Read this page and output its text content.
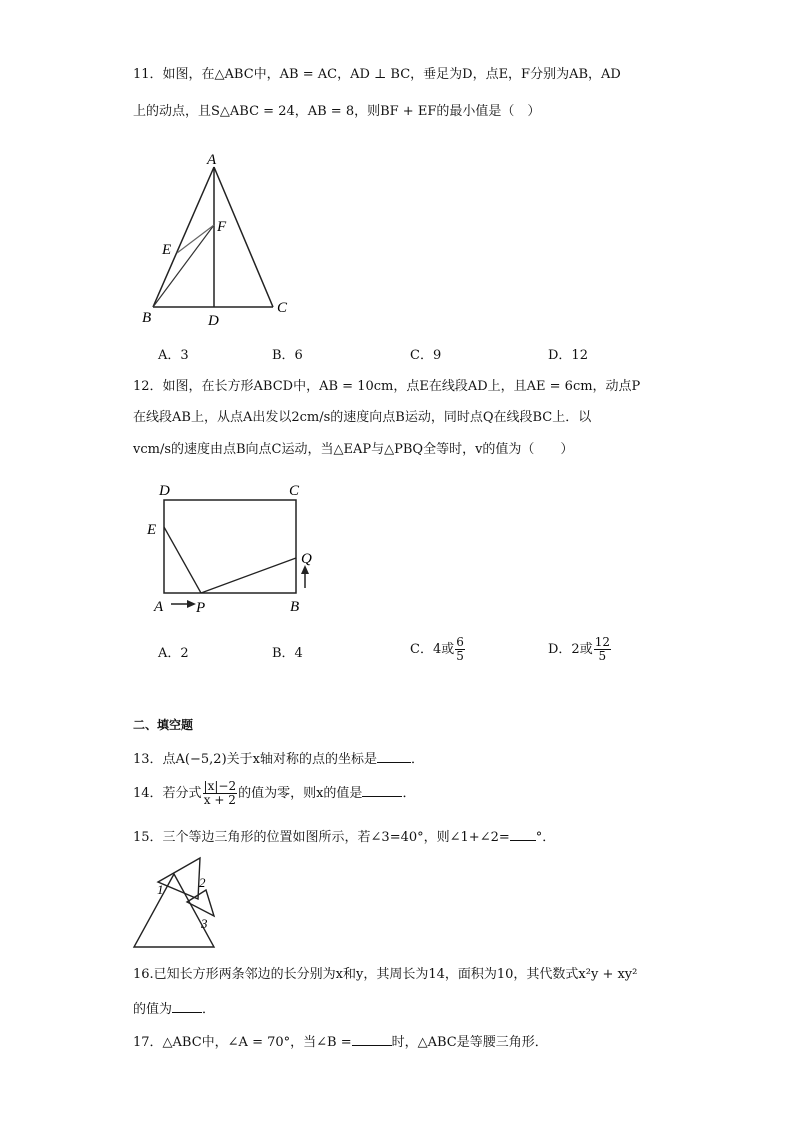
11．如图，在△ABC中，AB = AC，AD ⊥ BC，垂足为D，点E，F分别为AB，AD
上的动点，且S△ABC = 24，AB = 8，则BF + EF的最小值是（　）
A
E
F
B	D
C
A．3	B．6	C．9	D．12
12．如图，在长方形ABCD中，AB = 10cm，点E在线段AD上，且AE = 6cm，动点P
在线段AB上，从点A出发以2cm/s的速度向点B运动，同时点Q在线段BC上．以
vcm/s的速度由点B向点C运动，当△EAP与△PBQ全等时，v的值为（　　）
D	C
E
Q
A P	B
A．2	B．4	C．4或 $\frac{6}{5}$	D．2或 $\frac{12}{5}$
二、填空题
13．点A(−5,2)关于x轴对称的点的坐标是	．
14．若分式 $\frac{|x|-2}{x + 2}$ 的值为零，则x的值是	．
15．三个等边三角形的位置如图所示，若∠3=40°，则∠1+∠2= °．
1	2
3
16.已知长方形两条邻边的长分别为x和y，其周长为14，面积为10，其代数式x²y + xy²
的值为 ．
17．△ABC中，∠A = 70°，当∠B =	时，△ABC是等腰三角形．
